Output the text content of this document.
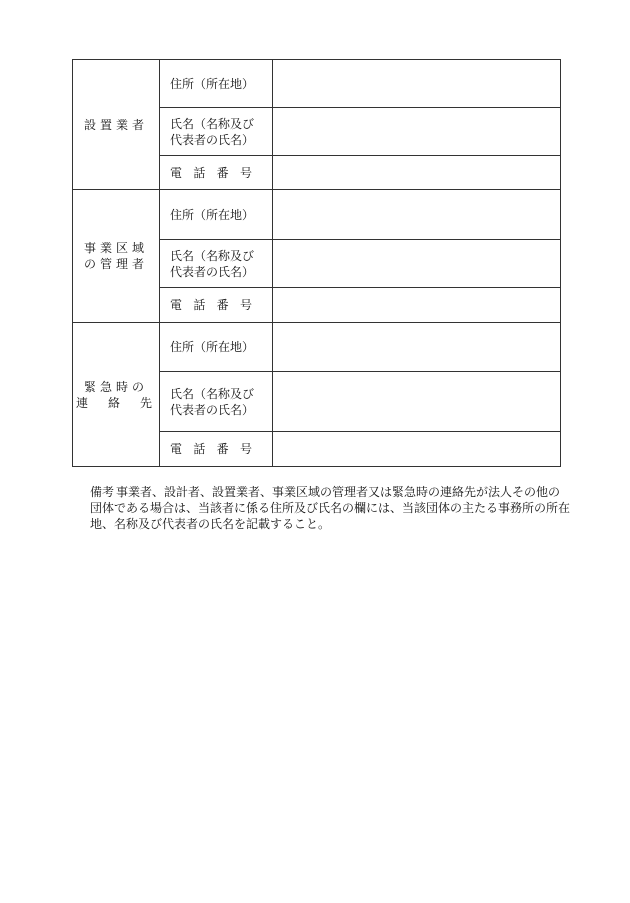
設置業者	住所（所在地）	

	氏名（名称及び
代表者の氏名）	

	電 話 番 号	

事業区域
の管理者	住所（所在地）	

	氏名（名称及び
代表者の氏名）	

	電 話 番 号	

緊急時の
連　絡　先	住所（所在地）	

	氏名（名称及び
代表者の氏名）	

	電 話 番 号	

備考 事業者、設計者、設置業者、事業区域の管理者又は緊急時の連絡先が法人その他の団体である場合は、当該者に係る住所及び氏名の欄には、当該団体の主たる事務所の所在地、名称及び代表者の氏名を記載すること。
